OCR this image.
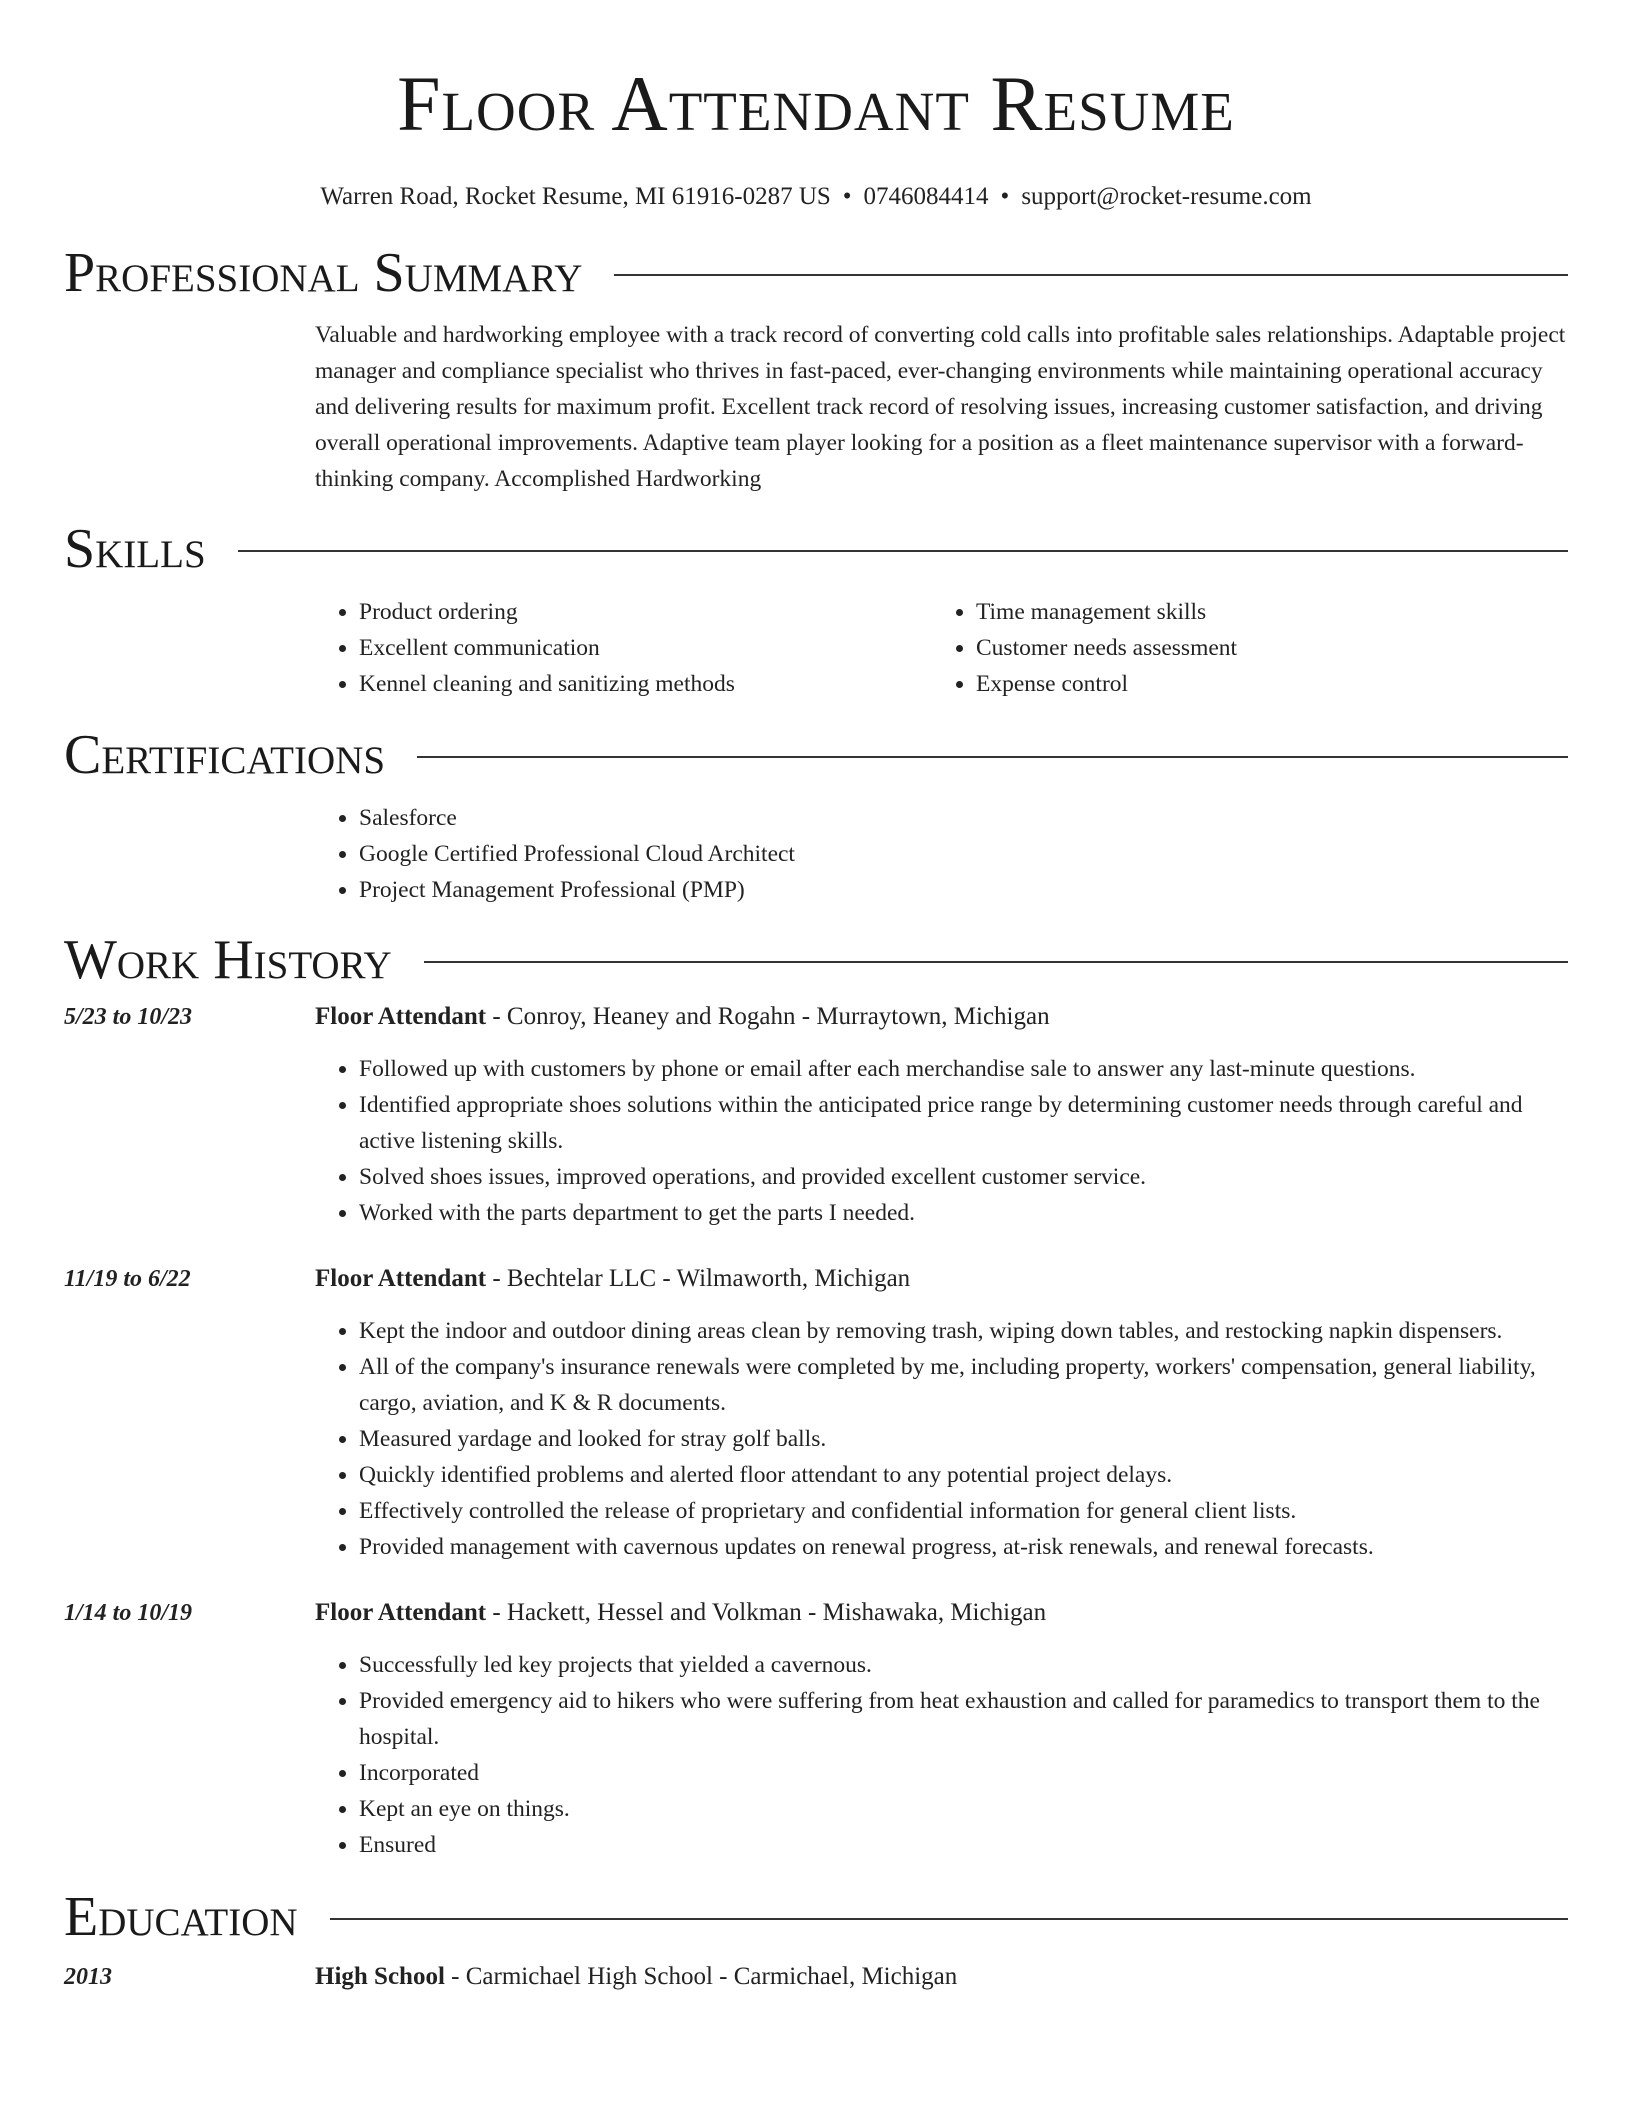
Floor Attendant Resume
Warren Road, Rocket Resume, MI 61916-0287 US • 0746084414 • support@rocket-resume.com
Professional Summary

Valuable and hardworking employee with a track record of converting cold calls into profitable sales relationships. Adaptable project manager and compliance specialist who thrives in fast-paced, ever-changing environments while maintaining operational accuracy and delivering results for maximum profit. Excellent track record of resolving issues, increasing customer satisfaction, and driving overall operational improvements. Adaptive team player looking for a position as a fleet maintenance supervisor with a forward-thinking company. Accomplished Hardworking

Skills
• Product ordering
• Excellent communication
• Kennel cleaning and sanitizing methods
• Time management skills
• Customer needs assessment
• Expense control
Certifications
• Salesforce
• Google Certified Professional Cloud Architect
• Project Management Professional (PMP)
Work History
5/23 to 10/23	Floor Attendant - Conroy, Heaney and Rogahn - Murraytown, Michigan
• Followed up with customers by phone or email after each merchandise sale to answer any last-minute questions.
• Identified appropriate shoes solutions within the anticipated price range by determining customer needs through careful and active listening skills.
• Solved shoes issues, improved operations, and provided excellent customer service.
• Worked with the parts department to get the parts I needed.
11/19 to 6/22	Floor Attendant - Bechtelar LLC - Wilmaworth, Michigan
• Kept the indoor and outdoor dining areas clean by removing trash, wiping down tables, and restocking napkin dispensers.
• All of the company's insurance renewals were completed by me, including property, workers' compensation, general liability, cargo, aviation, and K & R documents.
• Measured yardage and looked for stray golf balls.
• Quickly identified problems and alerted floor attendant to any potential project delays.
• Effectively controlled the release of proprietary and confidential information for general client lists.
• Provided management with cavernous updates on renewal progress, at-risk renewals, and renewal forecasts.
1/14 to 10/19	Floor Attendant - Hackett, Hessel and Volkman - Mishawaka, Michigan
• Successfully led key projects that yielded a cavernous.
• Provided emergency aid to hikers who were suffering from heat exhaustion and called for paramedics to transport them to the hospital.
• Incorporated
• Kept an eye on things.
• Ensured
Education
2013	High School - Carmichael High School - Carmichael, Michigan
